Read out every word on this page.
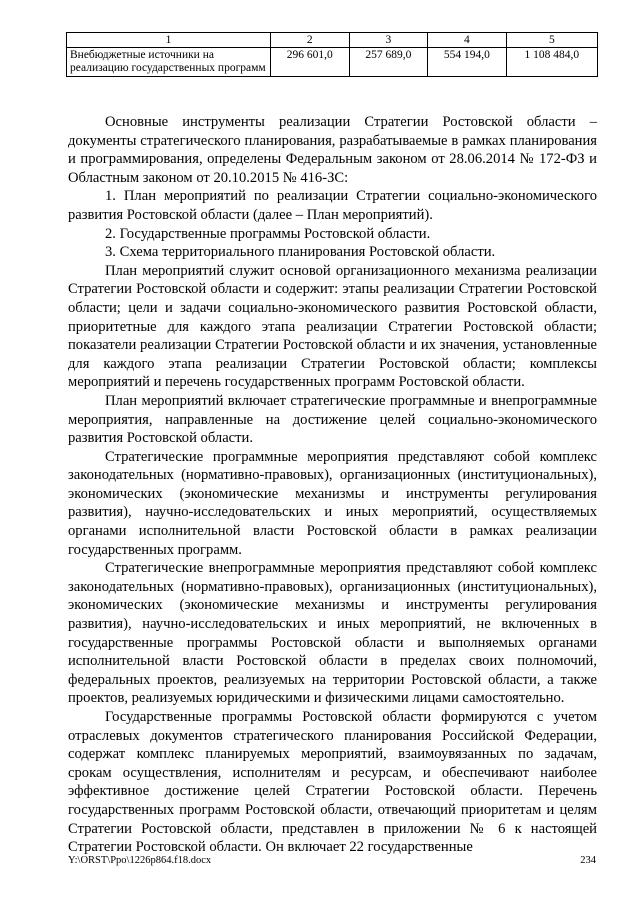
1	2	3	4	5
Внебюджетные источники на реализацию государственных программ	296 601,0	257 689,0	554 194,0	1 108 484,0

Основные инструменты реализации Стратегии Ростовской области – документы стратегического планирования, разрабатываемые в рамках планирования и программирования, определены Федеральным законом от 28.06.2014 № 172-ФЗ и Областным законом от 20.10.2015 № 416-ЗС:

1. План мероприятий по реализации Стратегии социально-экономического развития Ростовской области (далее – План мероприятий).

2. Государственные программы Ростовской области.

3. Схема территориального планирования Ростовской области.

План мероприятий служит основой организационного механизма реализации Стратегии Ростовской области и содержит: этапы реализации Стратегии Ростовской области; цели и задачи социально-экономического развития Ростовской области, приоритетные для каждого этапа реализации Стратегии Ростовской области; показатели реализации Стратегии Ростовской области и их значения, установленные для каждого этапа реализации Стратегии Ростовской области; комплексы мероприятий и перечень государственных программ Ростовской области.

План мероприятий включает стратегические программные и внепрограммные мероприятия, направленные на достижение целей социально-экономического развития Ростовской области.

Стратегические программные мероприятия представляют собой комплекс законодательных (нормативно-правовых), организационных (институциональных), экономических (экономические механизмы и инструменты регулирования развития), научно-исследовательских и иных мероприятий, осуществляемых органами исполнительной власти Ростовской области в рамках реализации государственных программ.

Стратегические внепрограммные мероприятия представляют собой комплекс законодательных (нормативно-правовых), организационных (институциональных), экономических (экономические механизмы и инструменты регулирования развития), научно-исследовательских и иных мероприятий, не включенных в государственные программы Ростовской области и выполняемых органами исполнительной власти Ростовской области в пределах своих полномочий, федеральных проектов, реализуемых на территории Ростовской области, а также проектов, реализуемых юридическими и физическими лицами самостоятельно.

Государственные программы Ростовской области формируются с учетом отраслевых документов стратегического планирования Российской Федерации, содержат комплекс планируемых мероприятий, взаимоувязанных по задачам, срокам осуществления, исполнителям и ресурсам, и обеспечивают наиболее эффективное достижение целей Стратегии Ростовской области. Перечень государственных программ Ростовской области, отвечающий приоритетам и целям Стратегии Ростовской области, представлен в приложении № 6 к настоящей Стратегии Ростовской области. Он включает 22 государственные

Y:\ORST\Ppo\1226p864.f18.docx	234
